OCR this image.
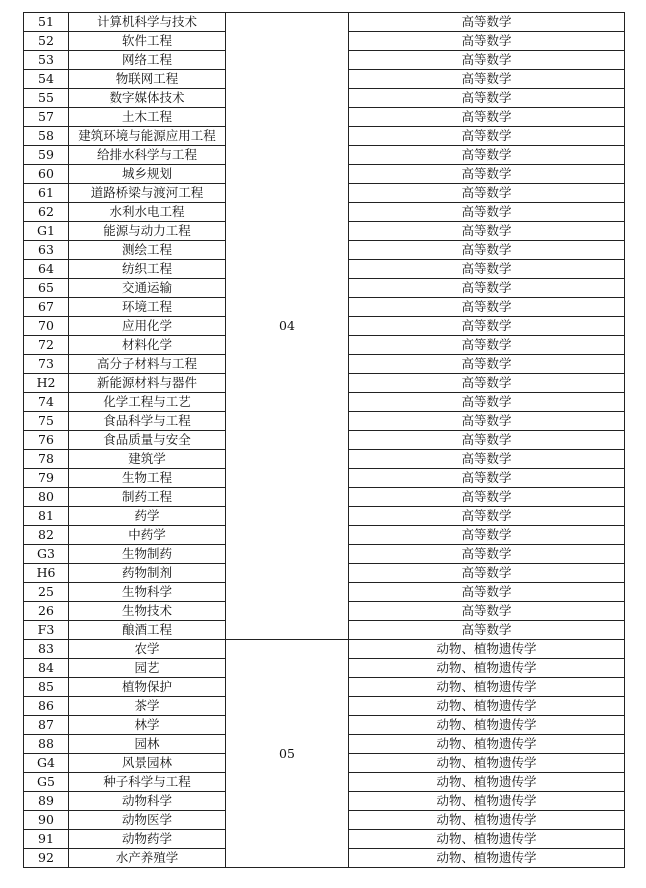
51	计算机科学与技术	04	高等数学
52	软件工程		高等数学
53	网络工程		高等数学
54	物联网工程		高等数学
55	数字媒体技术		高等数学
57	土木工程		高等数学
58	建筑环境与能源应用工程		高等数学
59	给排水科学与工程		高等数学
60	城乡规划		高等数学
61	道路桥梁与渡河工程		高等数学
62	水利水电工程		高等数学
G1	能源与动力工程		高等数学
63	测绘工程		高等数学
64	纺织工程		高等数学
65	交通运输		高等数学
67	环境工程		高等数学
70	应用化学		高等数学
72	材料化学		高等数学
73	高分子材料与工程		高等数学
H2	新能源材料与器件		高等数学
74	化学工程与工艺		高等数学
75	食品科学与工程		高等数学
76	食品质量与安全		高等数学
78	建筑学		高等数学
79	生物工程		高等数学
80	制药工程		高等数学
81	药学		高等数学
82	中药学		高等数学
G3	生物制药		高等数学
H6	药物制剂		高等数学
25	生物科学		高等数学
26	生物技术		高等数学
F3	酿酒工程		高等数学
83	农学	05	动物、植物遗传学
84	园艺		动物、植物遗传学
85	植物保护		动物、植物遗传学
86	茶学		动物、植物遗传学
87	林学		动物、植物遗传学
88	园林		动物、植物遗传学
G4	风景园林		动物、植物遗传学
G5	种子科学与工程		动物、植物遗传学
89	动物科学		动物、植物遗传学
90	动物医学		动物、植物遗传学
91	动物药学		动物、植物遗传学
92	水产养殖学		动物、植物遗传学
